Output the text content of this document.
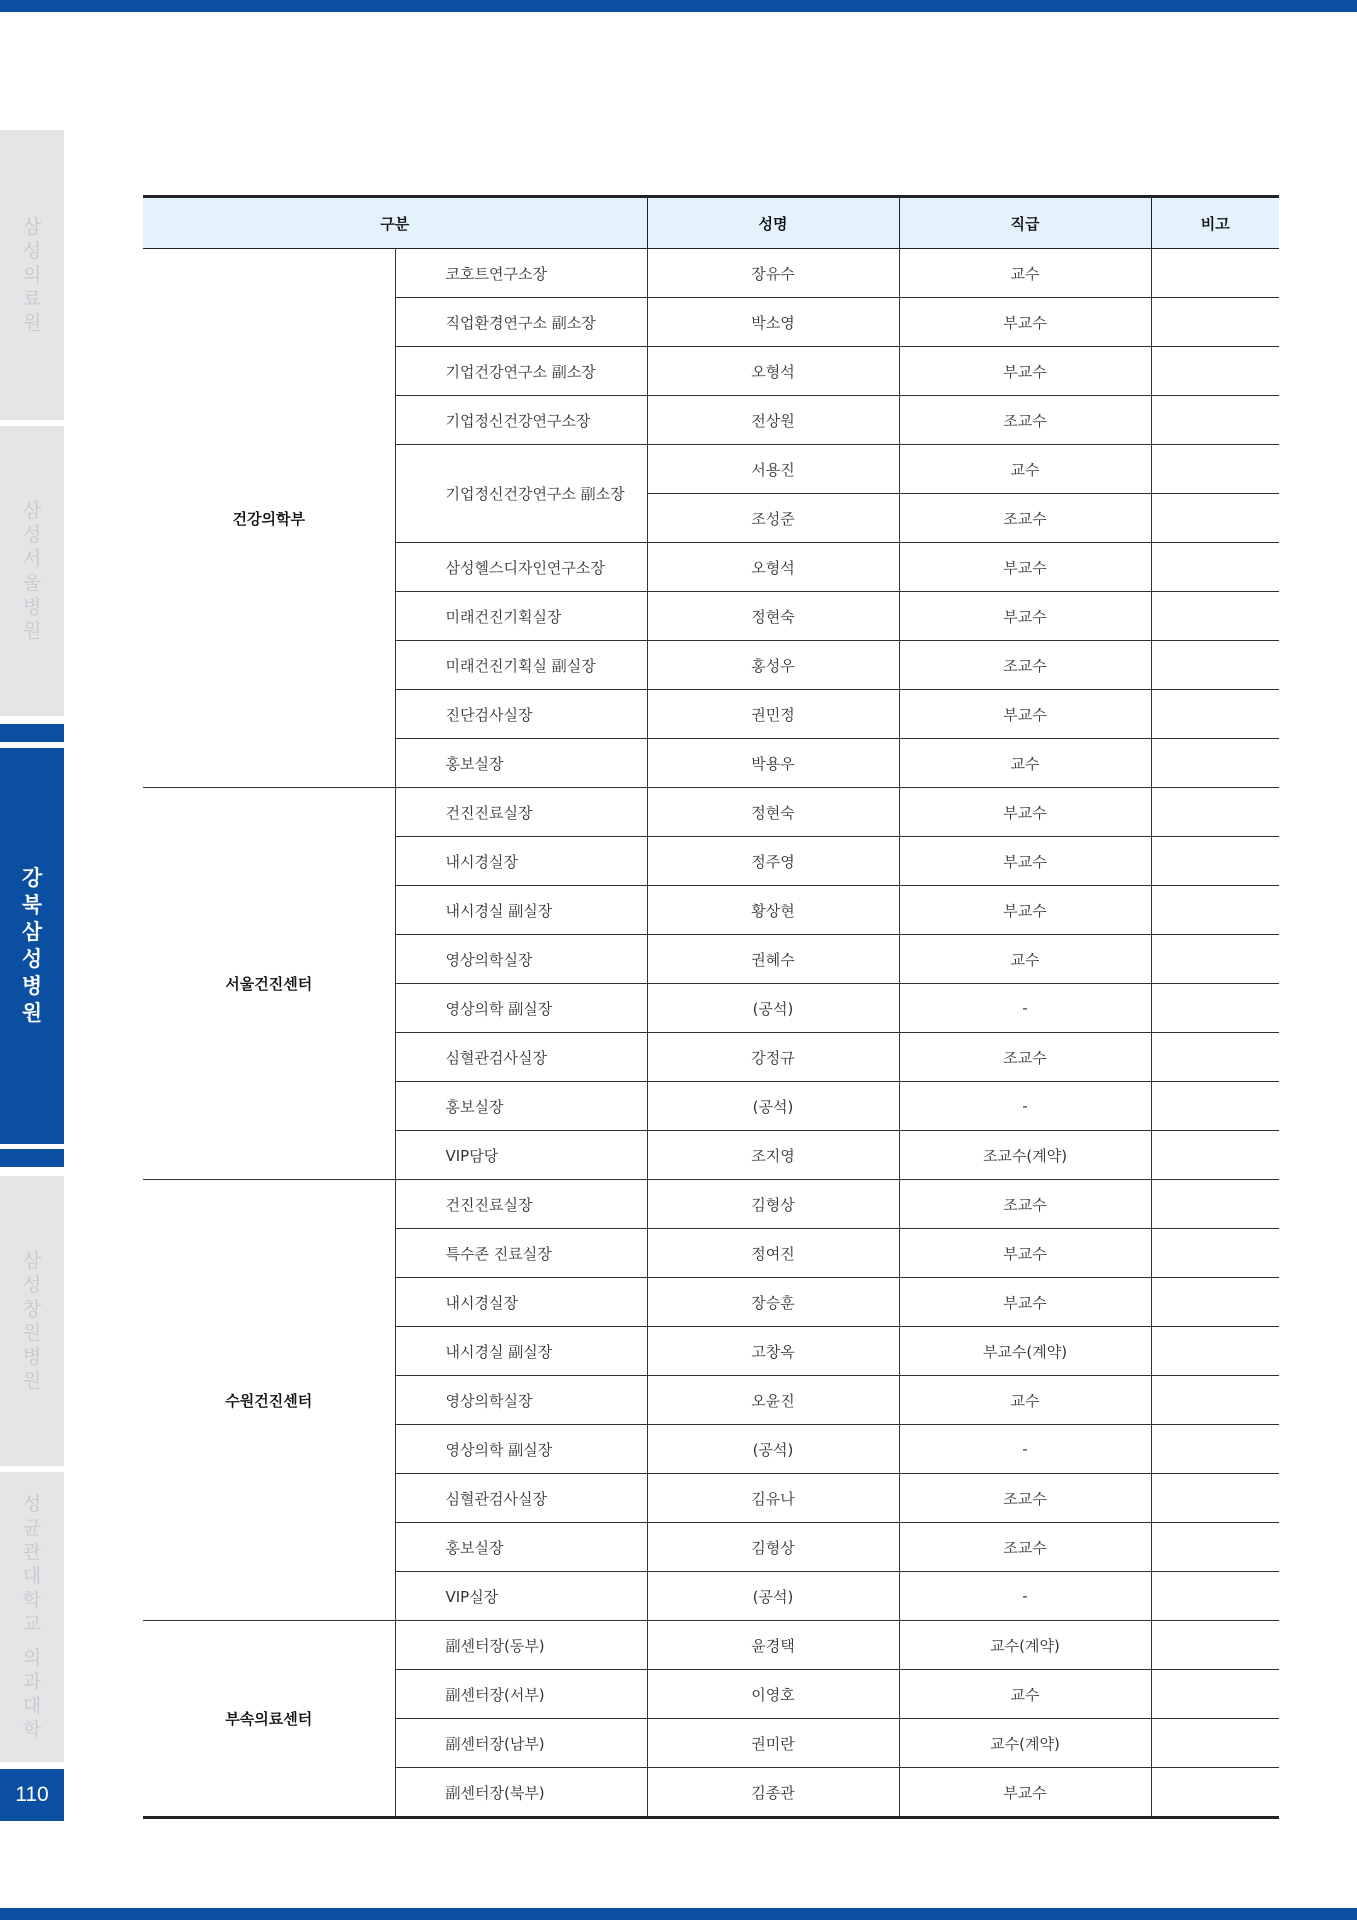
삼
성
의
료
원
삼
성
서
울
병
원
강
북
삼
성
병
원
삼
성
창
원
병
원
성
균
관
대
학
교

의
과
대
학
110
구분		성명	직급	비고
건강의학부	코호트연구소장	장유수	교수	
	직업환경연구소 副소장	박소영	부교수	
	기업건강연구소 副소장	오형석	부교수	
	기업정신건강연구소장	전상원	조교수	
	기업정신건강연구소 副소장	서용진	교수	
		조성준	조교수	
	삼성헬스디자인연구소장	오형석	부교수	
	미래건진기획실장	정현숙	부교수	
	미래건진기획실 副실장	홍성우	조교수	
	진단검사실장	권민정	부교수	
	홍보실장	박용우	교수	
서울건진센터	건진진료실장	정현숙	부교수	
	내시경실장	정주영	부교수	
	내시경실 副실장	황상현	부교수	
	영상의학실장	권혜수	교수	
	영상의학 副실장	(공석)	-	
	심혈관검사실장	강정규	조교수	
	홍보실장	(공석)	-	
	VIP담당	조지영	조교수(계약)	
수원건진센터	건진진료실장	김형상	조교수	
	특수존 진료실장	정여진	부교수	
	내시경실장	장승훈	부교수	
	내시경실 副실장	고창옥	부교수(계약)	
	영상의학실장	오윤진	교수	
	영상의학 副실장	(공석)	-	
	심혈관검사실장	김유나	조교수	
	홍보실장	김형상	조교수	
	VIP실장	(공석)	-	
부속의료센터	副센터장(동부)	윤경택	교수(계약)	
	副센터장(서부)	이영호	교수	
	副센터장(남부)	권미란	교수(계약)	
	副센터장(북부)	김종관	부교수	
